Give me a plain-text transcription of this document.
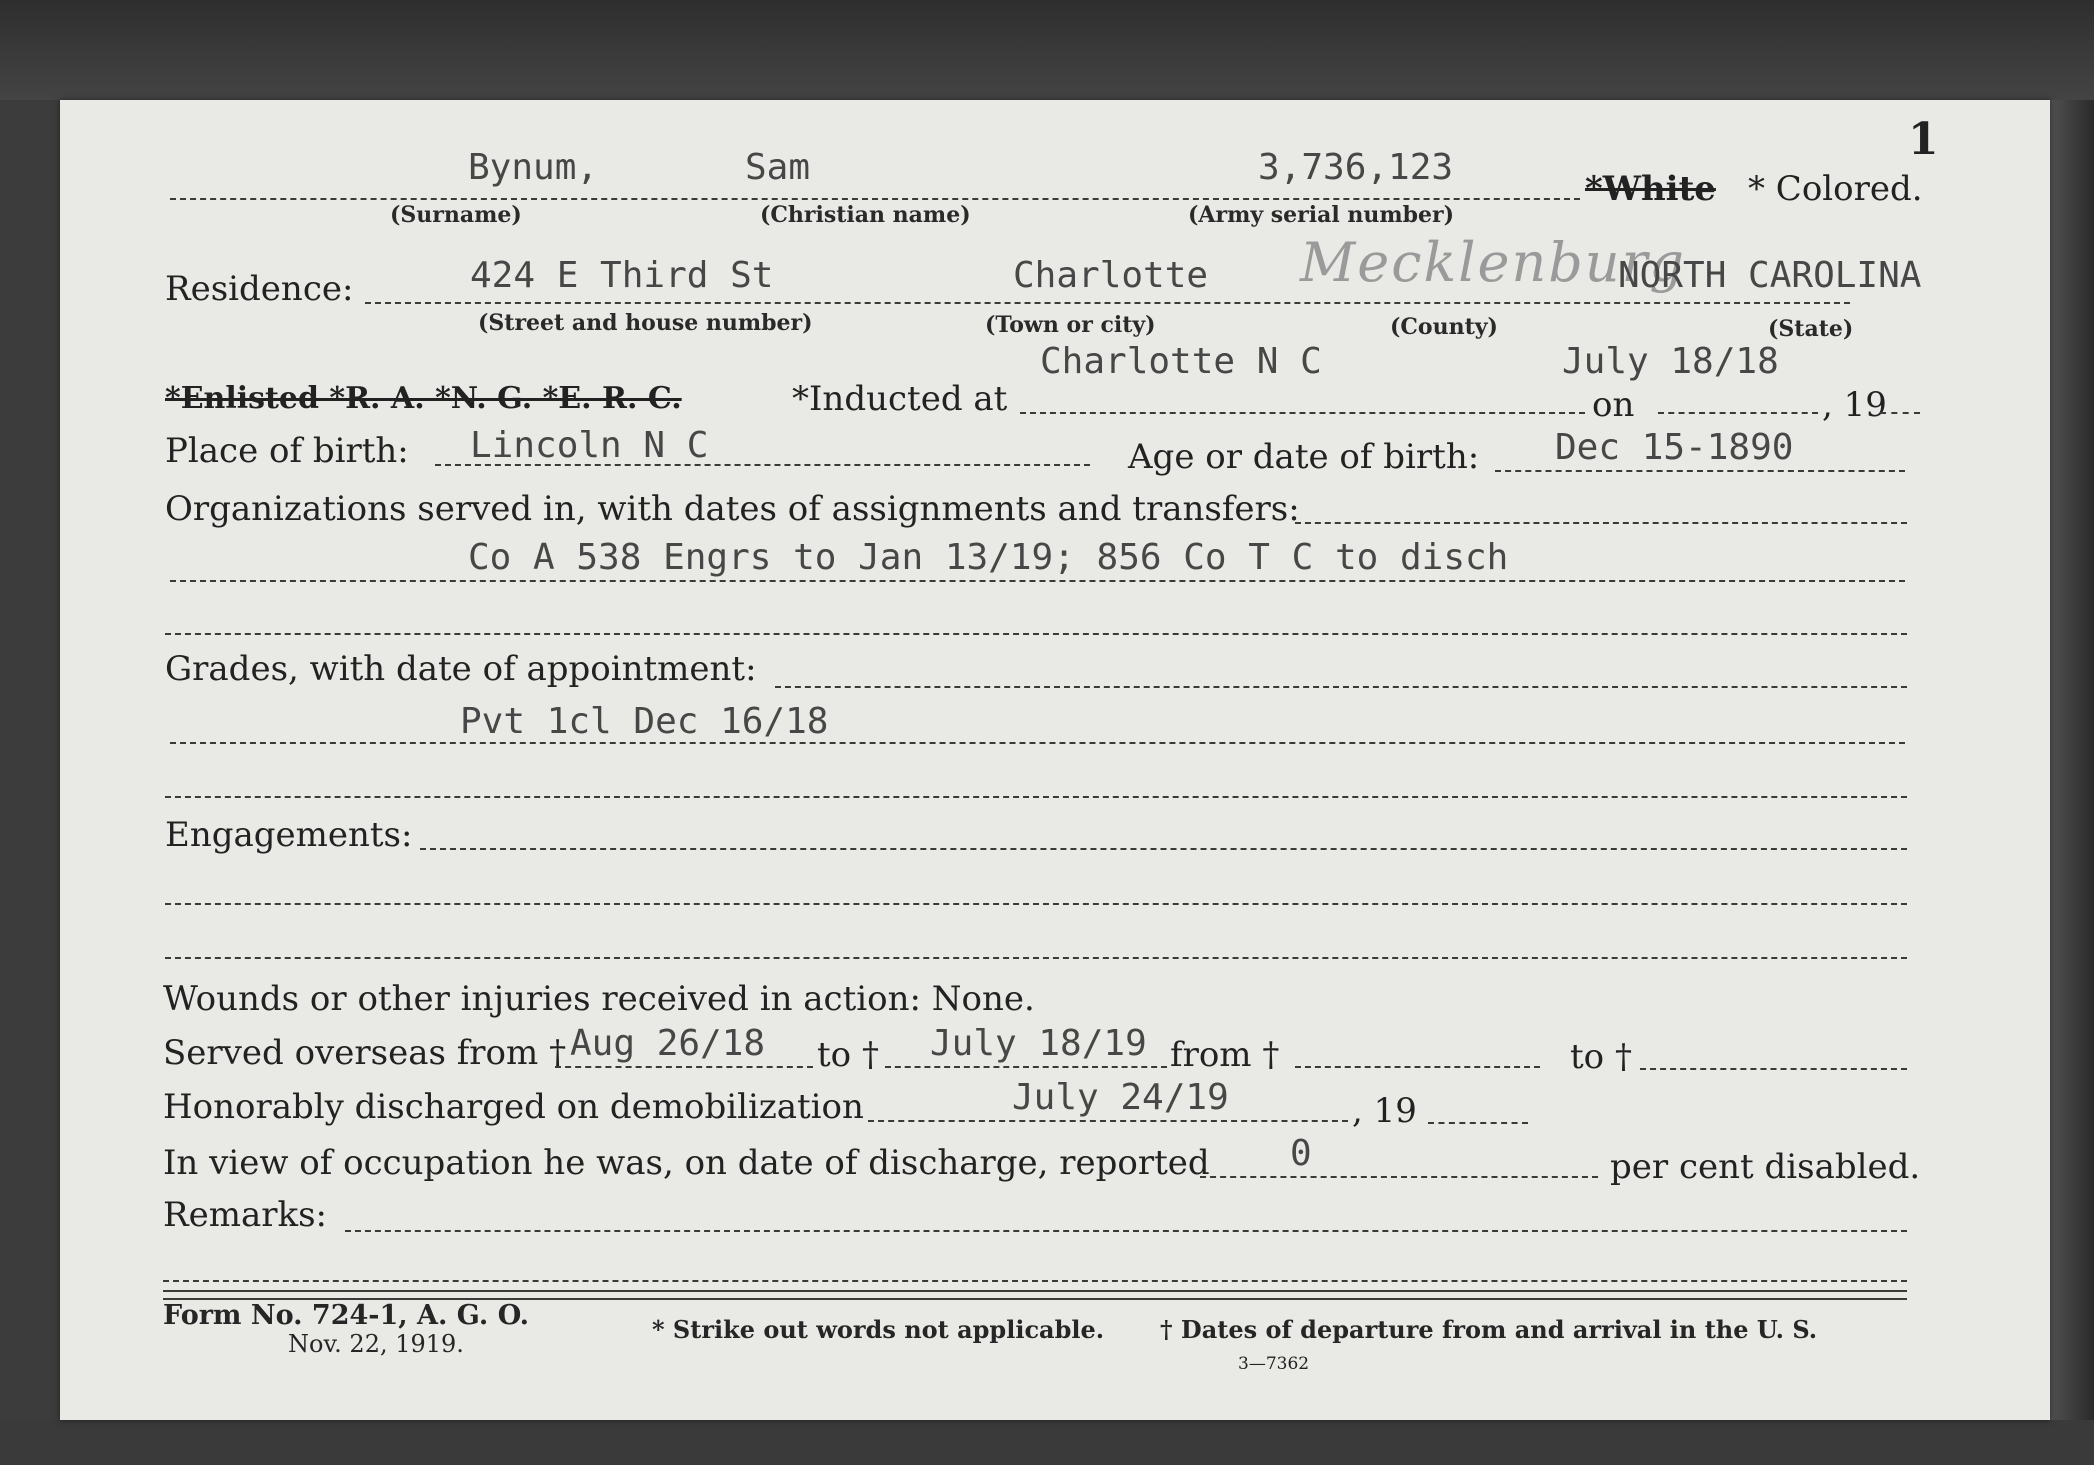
1
Bynum,	Sam	3,736,123
*White * Colored.
(Surname)	(Christian name)	(Army serial number)
Residence:	424 E Third St	Charlotte Mecklenburg
NORTH CAROLINA
(Street and house number)	(Town or city)	(County)	(State)
Charlotte N C	July 18/18
*Enlisted *R. A. *N. G. *E. R. C.	*Inducted at	on	, 19
Place of birth: Lincoln N C	Age or date of birth: Dec 15-1890
Organizations served in, with dates of assignments and transfers:
Co A 538 Engrs to Jan 13/19; 856 Co T C to disch
Grades, with date of appointment:
Pvt 1cl Dec 16/18
Engagements:
Wounds or other injuries received in action: None.
Served overseas from † Aug 26/18 to † July 18/19 from †	to †
Honorably discharged on demobilization	July 24/19	, 19
In view of occupation he was, on date of discharge, reported 0	per cent disabled.
Remarks:
Form No. 724-1, A. G. O.
Nov. 22, 1919.	* Strike out words not applicable. † Dates of departure from and arrival in the U. S.
3—7362
